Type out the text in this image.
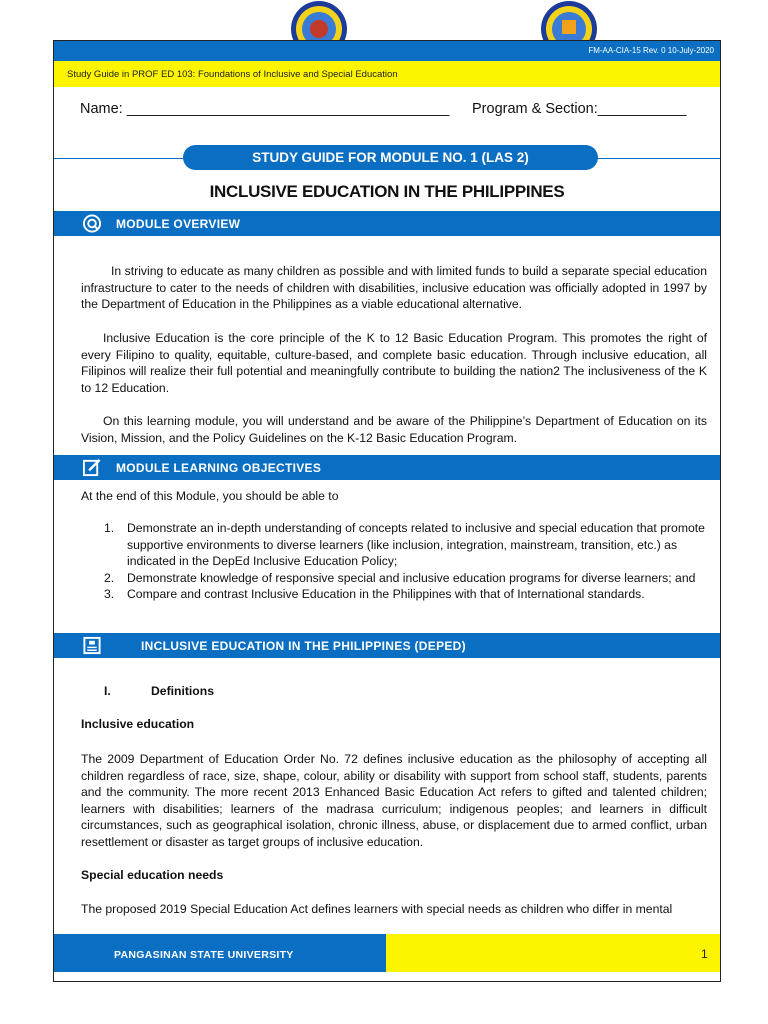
FM-AA-CIA-15 Rev. 0 10-July-2020
Study Guide in PROF ED 103: Foundations of Inclusive and Special Education
Name: ________________________________________ Program & Section:___________
STUDY GUIDE FOR MODULE NO. 1 (LAS 2)
INCLUSIVE EDUCATION IN THE PHILIPPINES
MODULE OVERVIEW

In striving to educate as many children as possible and with limited funds to build a separate special education infrastructure to cater to the needs of children with disabilities, inclusive education was officially adopted in 1997 by the Department of Education in the Philippines as a viable educational alternative.

Inclusive Education is the core principle of the K to 12 Basic Education Program. This promotes the right of every Filipino to quality, equitable, culture-based, and complete basic education. Through inclusive education, all Filipinos will realize their full potential and meaningfully contribute to building the nation2 The inclusiveness of the K to 12 Education.

On this learning module, you will understand and be aware of the Philippine’s Department of Education on its Vision, Mission, and the Policy Guidelines on the K-12 Basic Education Program.

MODULE LEARNING OBJECTIVES
At the end of this Module, you should be able to
1. Demonstrate an in-depth understanding of concepts related to inclusive and special education that promote supportive environments to diverse learners (like inclusion, integration, mainstream, transition, etc.) as indicated in the DepEd Inclusive Education Policy;
2. Demonstrate knowledge of responsive special and inclusive education programs for diverse learners; and
3. Compare and contrast Inclusive Education in the Philippines with that of International standards.
INCLUSIVE EDUCATION IN THE PHILIPPINES (DEPED)
I.	Definitions
Inclusive education

The 2009 Department of Education Order No. 72 defines inclusive education as the philosophy of accepting all children regardless of race, size, shape, colour, ability or disability with support from school staff, students, parents and the community. The more recent 2013 Enhanced Basic Education Act refers to gifted and talented children; learners with disabilities; learners of the madrasa curriculum; indigenous peoples; and learners in difficult circumstances, such as geographical isolation, chronic illness, abuse, or displacement due to armed conflict, urban resettlement or disaster as target groups of inclusive education.

Special education needs

The proposed 2019 Special Education Act defines learners with special needs as children who differ in mental

PANGASINAN STATE UNIVERSITY	1
